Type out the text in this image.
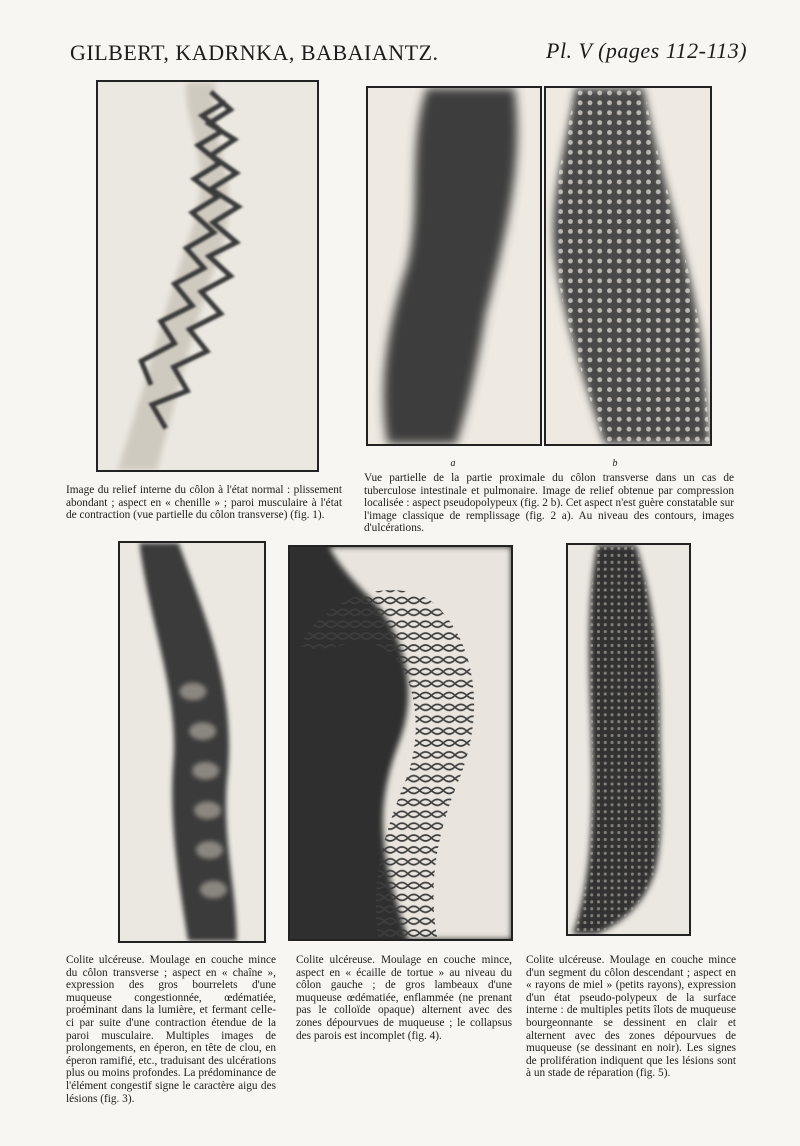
GILBERT, KADRNKA, BABAIANTZ.	Pl. V (pages 112-113)
Image du relief interne du côlon à l'état normal : plissement abondant ; aspect en « chenille » ; paroi musculaire à l'état de contraction (vue partielle du côlon transverse) (fig. 1).
a	b
Vue partielle de la partie proximale du côlon transverse dans un cas de tuberculose intestinale et pulmonaire. Image de relief obtenue par compression localisée : aspect pseudopolypeux (fig. 2 b). Cet aspect n'est guère constatable sur l'image classique de remplissage (fig. 2 a). Au niveau des contours, images d'ulcérations.
Colite ulcéreuse. Moulage en couche mince du côlon transverse ; aspect en « chaîne », expression des gros bourrelets d'une muqueuse congestionnée, œdématiée, proéminant dans la lumière, et fermant celle-ci par suite d'une contraction étendue de la paroi musculaire. Multiples images de prolongements, en éperon, en tête de clou, en éperon ramifié, etc., traduisant des ulcérations plus ou moins profondes. La prédominance de l'élément congestif signe le caractère aigu des lésions (fig. 3).
Colite ulcéreuse. Moulage en couche mince, aspect en « écaille de tortue » au niveau du côlon gauche ; de gros lambeaux d'une muqueuse œdématiée, enflammée (ne prenant pas le colloïde opaque) alternent avec des zones dépourvues de muqueuse ; le collapsus des parois est incomplet (fig. 4).
Colite ulcéreuse. Moulage en couche mince d'un segment du côlon descendant ; aspect en « rayons de miel » (petits rayons), expression d'un état pseudo-polypeux de la surface interne : de multiples petits îlots de muqueuse bourgeonnante se dessinent en clair et alternent avec des zones dépourvues de muqueuse (se dessinant en noir). Les signes de prolifération indiquent que les lésions sont à un stade de réparation (fig. 5).
